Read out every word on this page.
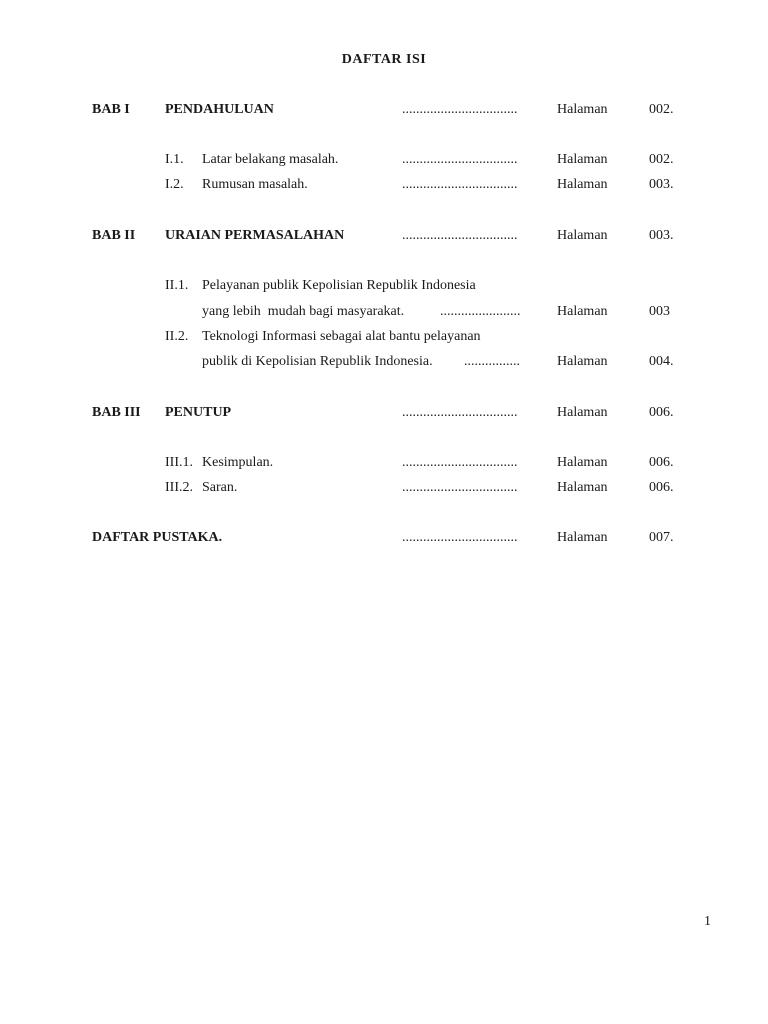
DAFTAR ISI
BAB I	PENDAHULUAN	.................................	Halaman	002.
I.1. Latar belakang masalah.	.................................	Halaman	002.
I.2. Rumusan masalah.	.................................	Halaman	003.
BAB II URAIAN PERMASALAHAN	.................................	Halaman	003.
II.1. Pelayanan publik Kepolisian Republik Indonesia
yang lebih  mudah bagi masyarakat.	.......................	Halaman	003
II.2. Teknologi Informasi sebagai alat bantu pelayanan
publik di Kepolisian Republik Indonesia. ................	Halaman	004.
BAB III PENUTUP	.................................	Halaman	006.
III.1. Kesimpulan.	.................................	Halaman	006.
III.2. Saran.	.................................	Halaman	006.
DAFTAR PUSTAKA.	.................................	Halaman	007.
1
